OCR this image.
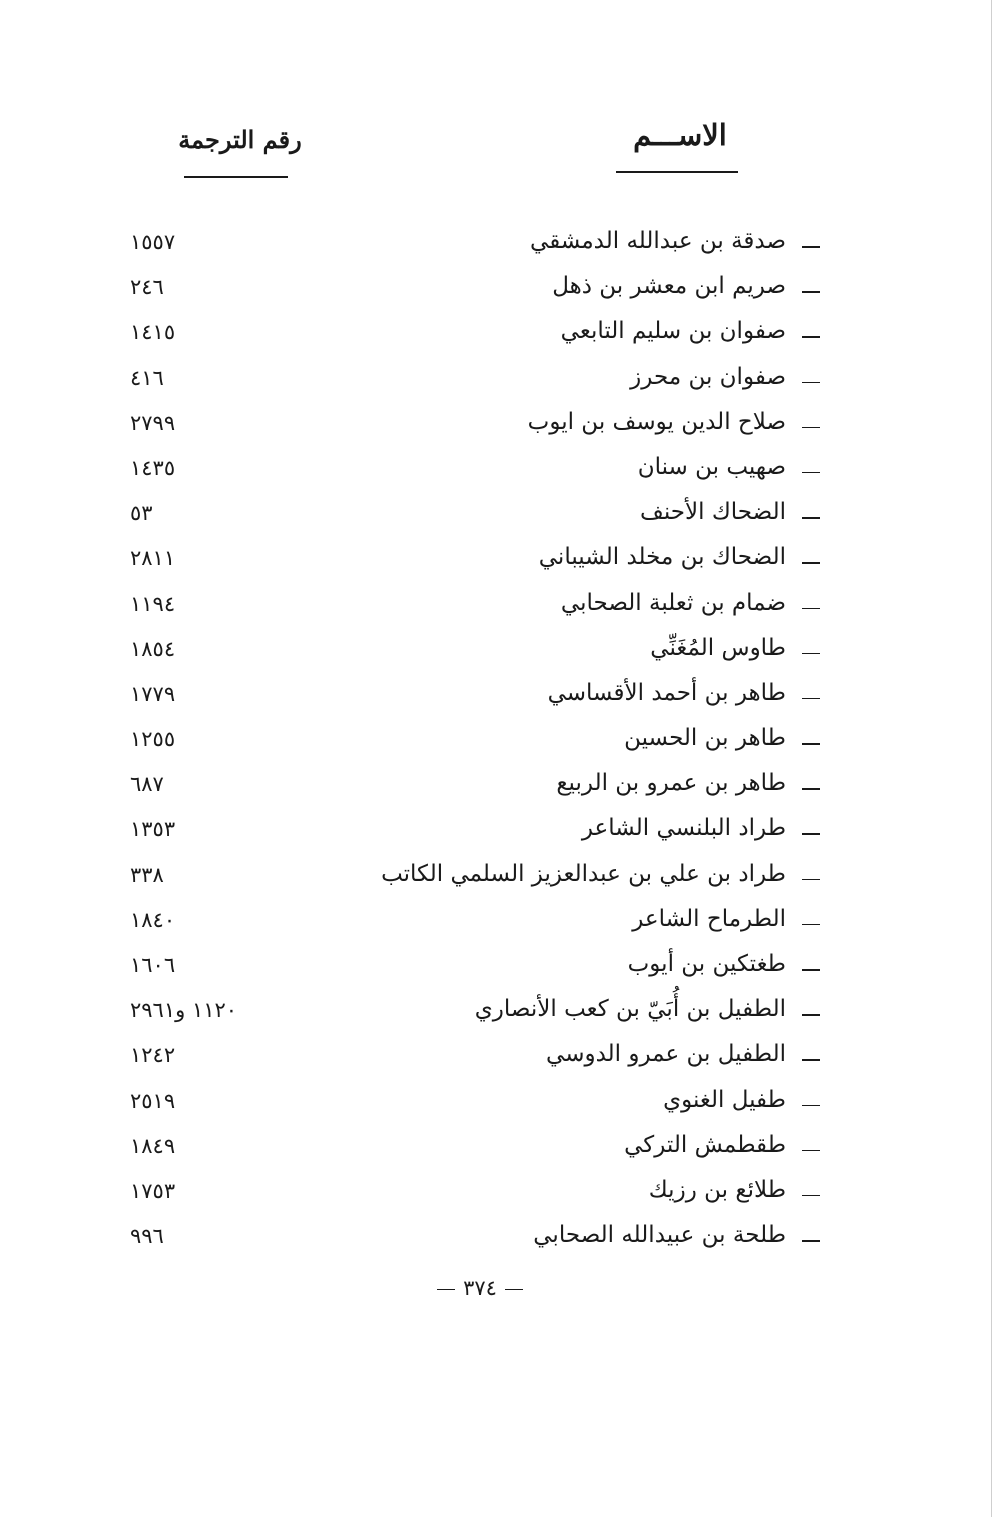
الاســـم
رقم الترجمة
صدقة بن عبدالله الدمشقي
١٥٥٧
صريم ابن معشر بن ذهل
٢٤٦
صفوان بن سليم التابعي
١٤١٥
صفوان بن محرز
٤١٦
صلاح الدين يوسف بن ايوب
٢٧٩٩
صهيب بن سنان
١٤٣٥
الضحاك الأحنف
٥٣
الضحاك بن مخلد الشيباني
٢٨١١
ضمام بن ثعلبة الصحابي
١١٩٤
طاوس المُغَنِّي
١٨٥٤
طاهر بن أحمد الأقساسي
١٧٧٩
طاهر بن الحسين
١٢٥٥
طاهر بن عمرو بن الربيع
٦٨٧
طراد البلنسي الشاعر
١٣٥٣
طراد بن علي بن عبدالعزيز السلمي الكاتب
٣٣٨
الطرماح الشاعر
١٨٤٠
طغتكين بن أيوب
١٦٠٦
الطفيل بن أُبَيّ بن كعب الأنصاري
١١٢٠ و٢٩٦١
الطفيل بن عمرو الدوسي
١٢٤٢
طفيل الغنوي
٢٥١٩
طقطمش التركي
١٨٤٩
طلائع بن رزيك
١٧٥٣
طلحة بن عبيدالله الصحابي
٩٩٦
٣٧٤
